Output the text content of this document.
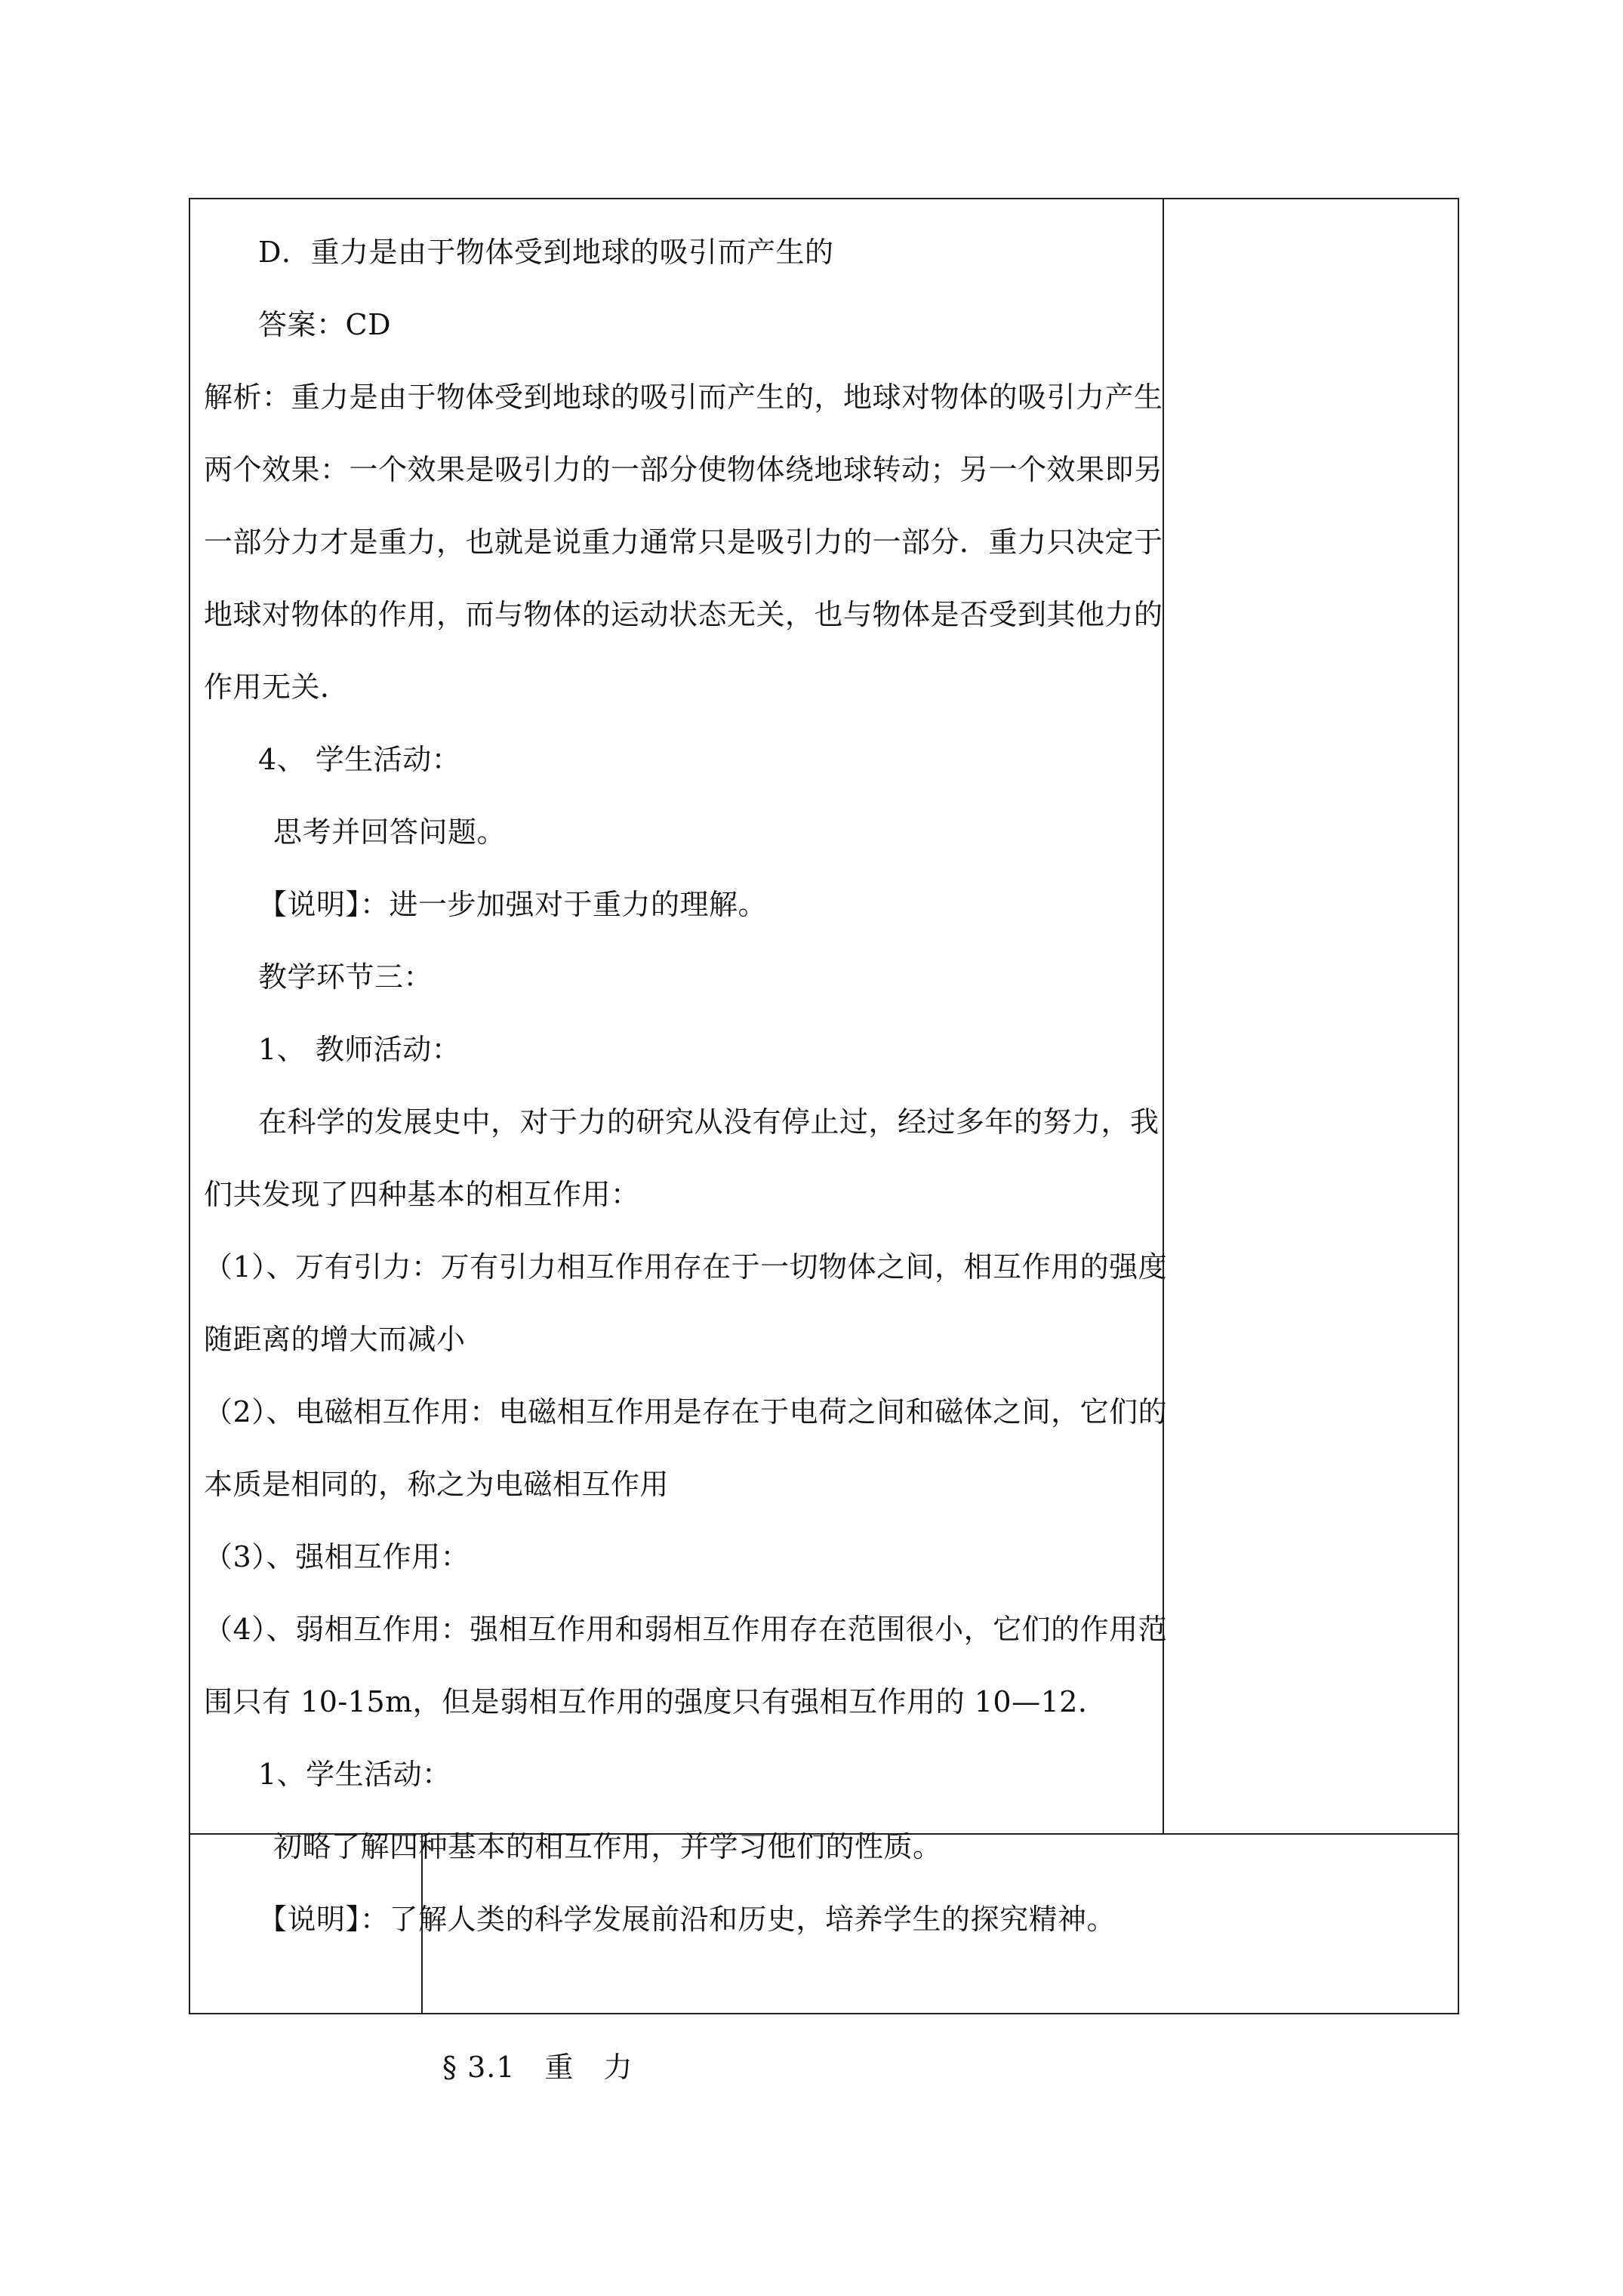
D．重力是由于物体受到地球的吸引而产生的
答案：CD
解析：重力是由于物体受到地球的吸引而产生的，地球对物体的吸引力产生
两个效果：一个效果是吸引力的一部分使物体绕地球转动；另一个效果即另
一部分力才是重力，也就是说重力通常只是吸引力的一部分．重力只决定于
地球对物体的作用，而与物体的运动状态无关，也与物体是否受到其他力的
作用无关．
4、 学生活动：
思考并回答问题。
【说明】：进一步加强对于重力的理解。
教学环节三：
1、 教师活动：
在科学的发展史中，对于力的研究从没有停止过，经过多年的努力，我
们共发现了四种基本的相互作用：
（1）、万有引力：万有引力相互作用存在于一切物体之间，相互作用的强度
随距离的增大而减小
（2）、电磁相互作用：电磁相互作用是存在于电荷之间和磁体之间，它们的
本质是相同的，称之为电磁相互作用
（3）、强相互作用：
（4）、弱相互作用：强相互作用和弱相互作用存在范围很小，它们的作用范
围只有 10-15m，但是弱相互作用的强度只有强相互作用的 10—12．
1、学生活动：
初略了解四种基本的相互作用，并学习他们的性质。
【说明】：了解人类的科学发展前沿和历史，培养学生的探究精神。
§ 3.1　重　力
